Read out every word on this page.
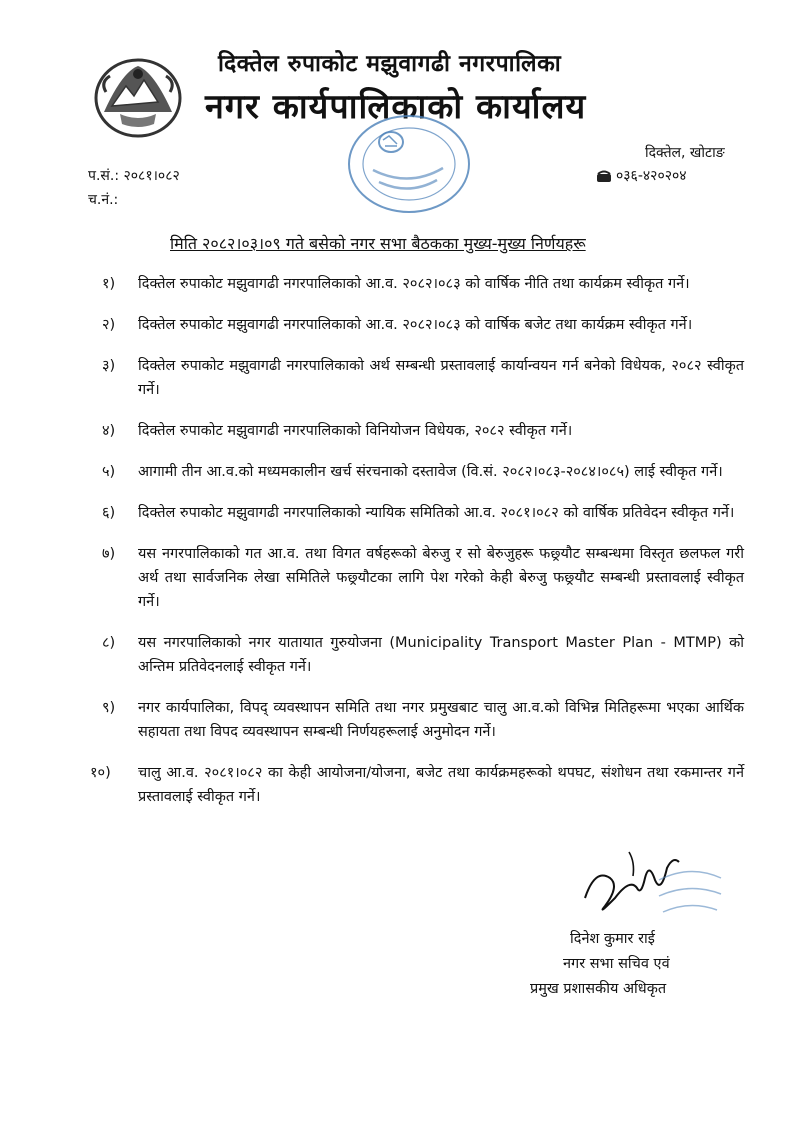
दिक्तेल रुपाकोट मझुवागढी नगरपालिका
नगर कार्यपालिकाको कार्यालय
दिक्तेल, खोटाङ
०३६-४२०२०४
प.सं.: २०८१।०८२
च.नं.:
मिति २०८२।०३।०९ गते बसेको नगर सभा बैठकका मुख्य-मुख्य निर्णयहरू
१)	दिक्तेल रुपाकोट मझुवागढी नगरपालिकाको आ.व. २०८२।०८३ को वार्षिक नीति तथा कार्यक्रम स्वीकृत गर्ने।
२)	दिक्तेल रुपाकोट मझुवागढी नगरपालिकाको आ.व. २०८२।०८३ को वार्षिक बजेट तथा कार्यक्रम स्वीकृत गर्ने।
३)	दिक्तेल रुपाकोट मझुवागढी नगरपालिकाको अर्थ सम्बन्धी प्रस्तावलाई कार्यान्वयन गर्न बनेको विधेयक, २०८२ स्वीकृत गर्ने।
४)	दिक्तेल रुपाकोट मझुवागढी नगरपालिकाको विनियोजन विधेयक, २०८२ स्वीकृत गर्ने।
५)	आगामी तीन आ.व.को मध्यमकालीन खर्च संरचनाको दस्तावेज (वि.सं. २०८२।०८३-२०८४।०८५) लाई स्वीकृत गर्ने।
६)	दिक्तेल रुपाकोट मझुवागढी नगरपालिकाको न्यायिक समितिको आ.व. २०८१।०८२ को वार्षिक प्रतिवेदन स्वीकृत गर्ने।
७)	यस नगरपालिकाको गत आ.व. तथा विगत वर्षहरूको बेरुजु र सो बेरुजुहरू फछ्र्यौट सम्बन्धमा विस्तृत छलफल गरी अर्थ तथा सार्वजनिक लेखा समितिले फछ्र्यौटका लागि पेश गरेको केही बेरुजु फछ्र्यौट सम्बन्धी प्रस्तावलाई स्वीकृत गर्ने।
८)	यस नगरपालिकाको नगर यातायात गुरुयोजना (Municipality Transport Master Plan - MTMP) को अन्तिम प्रतिवेदनलाई स्वीकृत गर्ने।
९)	नगर कार्यपालिका, विपद् व्यवस्थापन समिति तथा नगर प्रमुखबाट चालु आ.व.को विभिन्न मितिहरूमा भएका आर्थिक सहायता तथा विपद व्यवस्थापन सम्बन्धी निर्णयहरूलाई अनुमोदन गर्ने।
१०)	चालु आ.व. २०८१।०८२ का केही आयोजना/योजना, बजेट तथा कार्यक्रमहरूको थपघट, संशोधन तथा रकमान्तर गर्ने प्रस्तावलाई स्वीकृत गर्ने।
दिनेश कुमार राई
नगर सभा सचिव एवं
प्रमुख प्रशासकीय अधिकृत
